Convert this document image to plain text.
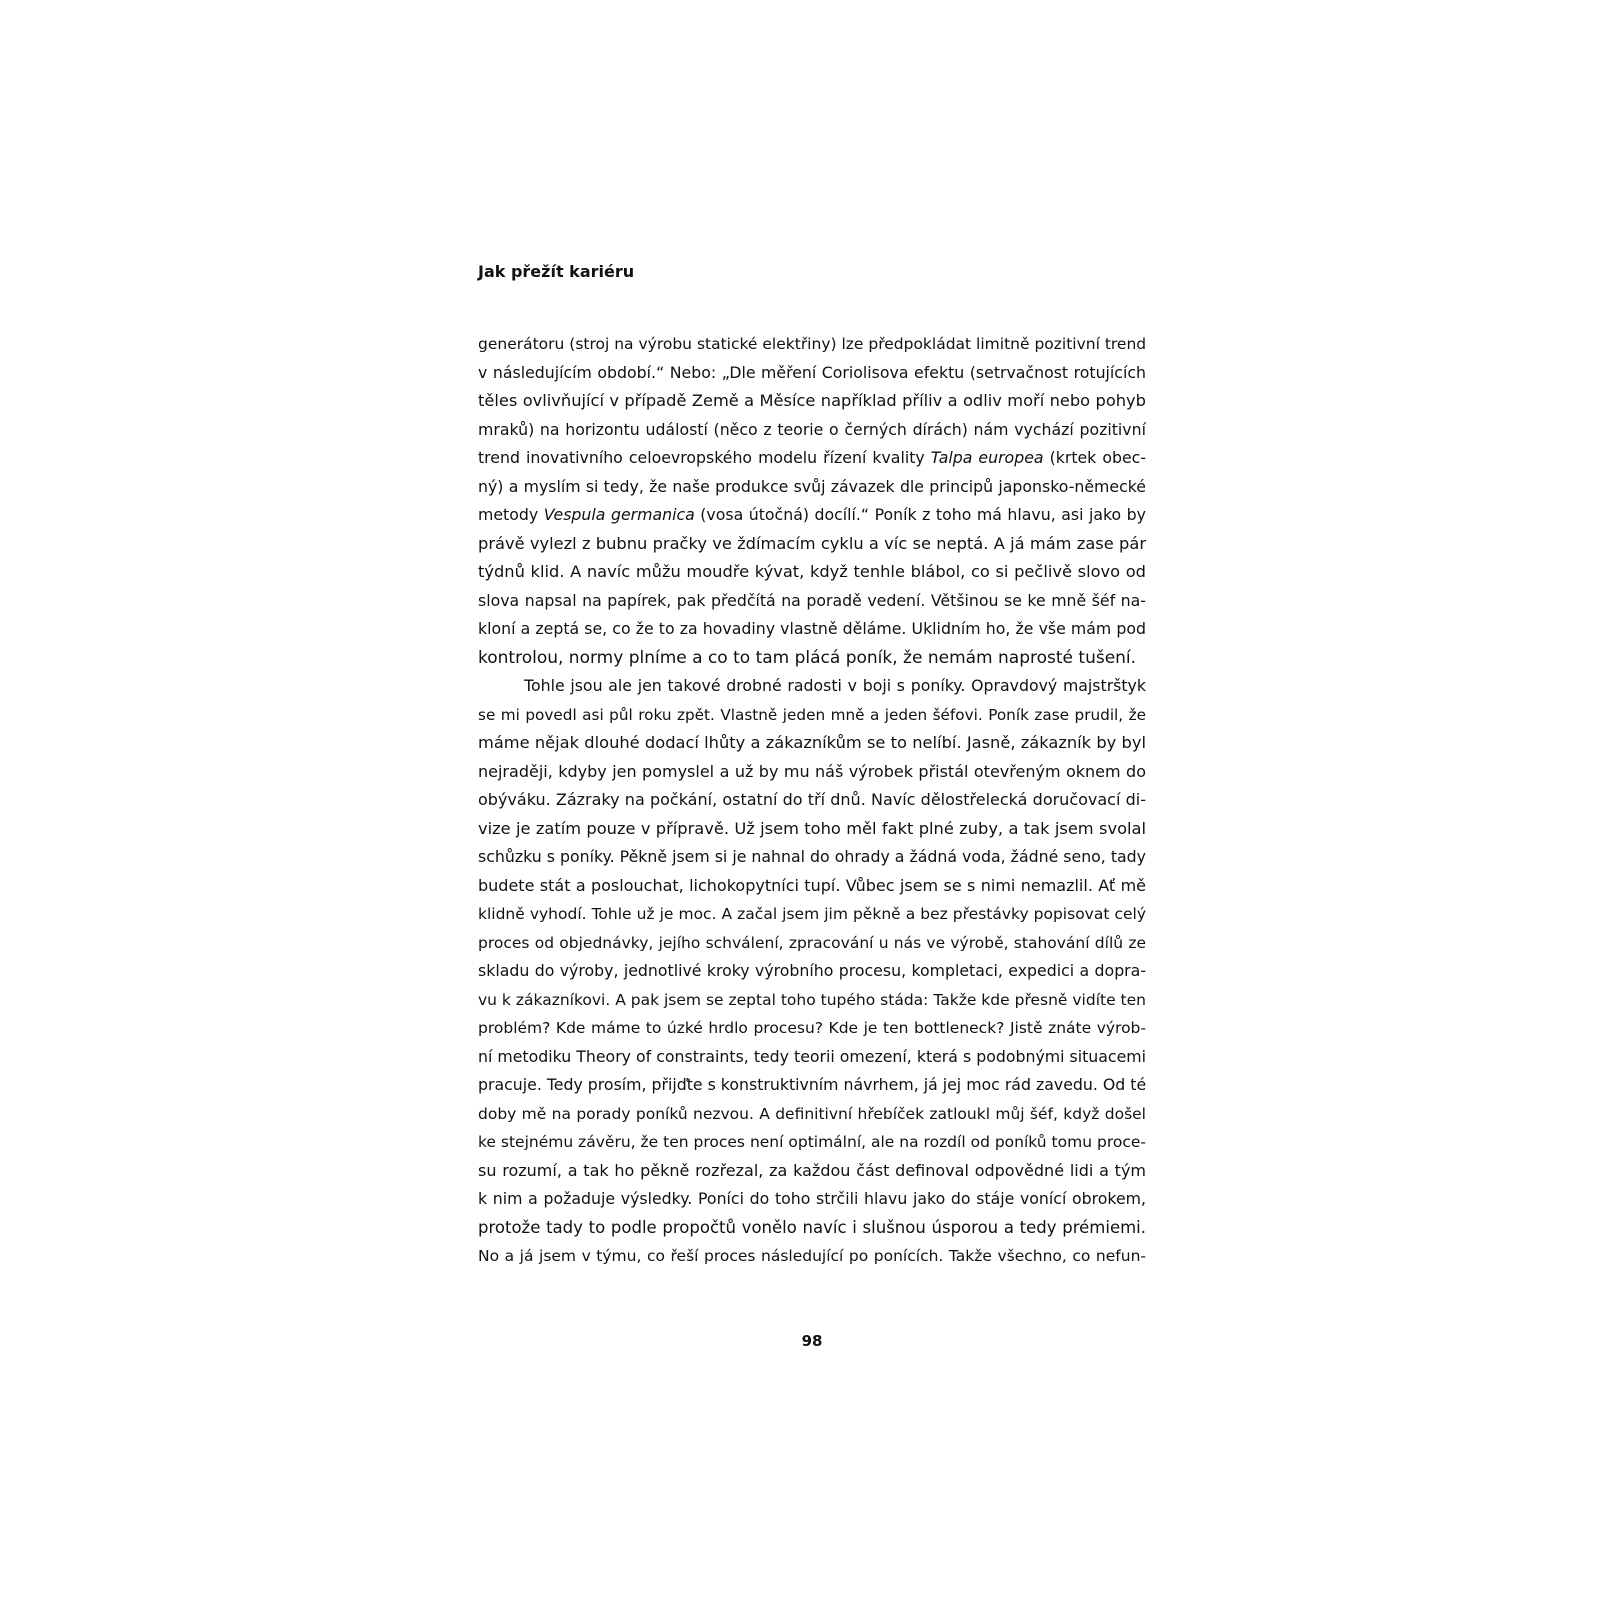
Jak přežít kariéru
generátoru (stroj na výrobu statické elektřiny) lze předpokládat limitně pozitivní trend
v následujícím období.“ Nebo: „Dle měření Coriolisova efektu (setrvačnost rotujících
těles ovlivňující v případě Země a Měsíce například příliv a odliv moří nebo pohyb
mraků) na horizontu událostí (něco z teorie o černých dírách) nám vychází pozitivní
trend inovativního celoevropského modelu řízení kvality Talpa europea (krtek obec-
ný) a myslím si tedy, že naše produkce svůj závazek dle principů japonsko-německé
metody Vespula germanica (vosa útočná) docílí.“ Poník z toho má hlavu, asi jako by
právě vylezl z bubnu pračky ve ždímacím cyklu a víc se neptá. A já mám zase pár
týdnů klid. A navíc můžu moudře kývat, když tenhle blábol, co si pečlivě slovo od
slova napsal na papírek, pak předčítá na poradě vedení. Většinou se ke mně šéf na-
kloní a zeptá se, co že to za hovadiny vlastně děláme. Uklidním ho, že vše mám pod
kontrolou, normy plníme a co to tam plácá poník, že nemám naprosté tušení.
Tohle jsou ale jen takové drobné radosti v boji s poníky. Opravdový majstrštyk
se mi povedl asi půl roku zpět. Vlastně jeden mně a jeden šéfovi. Poník zase prudil, že
máme nějak dlouhé dodací lhůty a zákazníkům se to nelíbí. Jasně, zákazník by byl
nejraději, kdyby jen pomyslel a už by mu náš výrobek přistál otevřeným oknem do
obýváku. Zázraky na počkání, ostatní do tří dnů. Navíc dělostřelecká doručovací di-
vize je zatím pouze v přípravě. Už jsem toho měl fakt plné zuby, a tak jsem svolal
schůzku s poníky. Pěkně jsem si je nahnal do ohrady a žádná voda, žádné seno, tady
budete stát a poslouchat, lichokopytníci tupí. Vůbec jsem se s nimi nemazlil. Ať mě
klidně vyhodí. Tohle už je moc. A začal jsem jim pěkně a bez přestávky popisovat celý
proces od objednávky, jejího schválení, zpracování u nás ve výrobě, stahování dílů ze
skladu do výroby, jednotlivé kroky výrobního procesu, kompletaci, expedici a dopra-
vu k zákazníkovi. A pak jsem se zeptal toho tupého stáda: Takže kde přesně vidíte ten
problém? Kde máme to úzké hrdlo procesu? Kde je ten bottleneck? Jistě znáte výrob-
ní metodiku Theory of constraints, tedy teorii omezení, která s podobnými situacemi
pracuje. Tedy prosím, přijďte s konstruktivním návrhem, já jej moc rád zavedu. Od té
doby mě na porady poníků nezvou. A definitivní hřebíček zatloukl můj šéf, když došel
ke stejnému závěru, že ten proces není optimální, ale na rozdíl od poníků tomu proce-
su rozumí, a tak ho pěkně rozřezal, za každou část definoval odpovědné lidi a tým
k nim a požaduje výsledky. Poníci do toho strčili hlavu jako do stáje vonící obrokem,
protože tady to podle propočtů vonělo navíc i slušnou úsporou a tedy prémiemi.
No a já jsem v týmu, co řeší proces následující po ponících. Takže všechno, co nefun-
98
